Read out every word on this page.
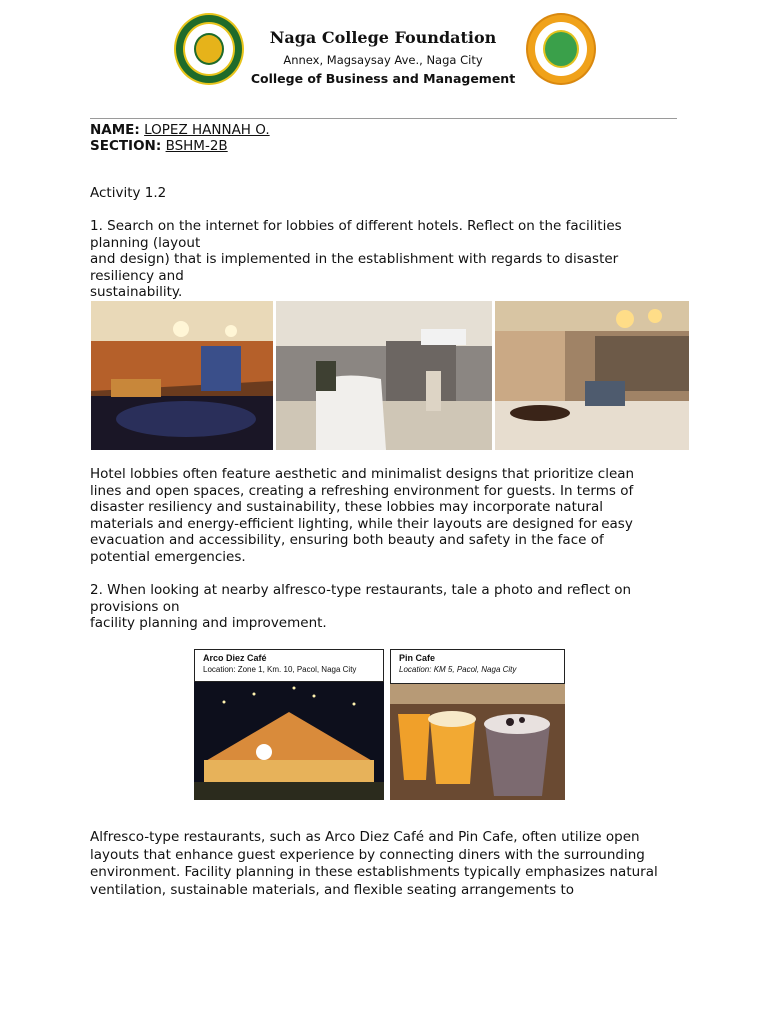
Naga College Foundation
Annex, Magsaysay Ave., Naga City
College of Business and Management
NAME: LOPEZ HANNAH O.
SECTION: BSHM-2B
Activity 1.2
1. Search on the internet for lobbies of different hotels. Reflect on the facilities
planning (layout
and design) that is implemented in the establishment with regards to disaster
resiliency and
sustainability.
Hotel lobbies often feature aesthetic and minimalist designs that prioritize clean
lines and open spaces, creating a refreshing environment for guests. In terms of
disaster resiliency and sustainability, these lobbies may incorporate natural
materials and energy-efficient lighting, while their layouts are designed for easy
evacuation and accessibility, ensuring both beauty and safety in the face of
potential emergencies.
2. When looking at nearby alfresco-type restaurants, tale a photo and reflect on
provisions on
facility planning and improvement.
Arco Diez Café
Location: Zone 1, Km. 10, Pacol, Naga City
Pin Cafe
Location: KM 5, Pacol, Naga City
Alfresco-type restaurants, such as Arco Diez Café and Pin Cafe, often utilize open
layouts that enhance guest experience by connecting diners with the surrounding
environment. Facility planning in these establishments typically emphasizes natural
ventilation, sustainable materials, and flexible seating arrangements to
